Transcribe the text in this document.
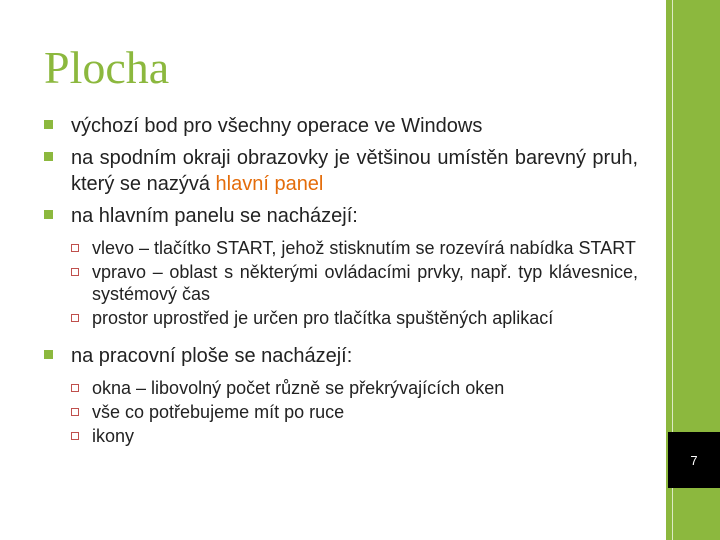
Plocha
výchozí bod pro všechny operace ve Windows
na spodním okraji obrazovky je většinou umístěn barevný pruh, který se nazývá hlavní panel
na hlavním panelu se nacházejí:
vlevo – tlačítko START, jehož stisknutím se rozevírá nabídka START
vpravo – oblast s některými ovládacími prvky, např. typ klávesnice, systémový čas
prostor uprostřed je určen pro tlačítka spuštěných aplikací
na pracovní ploše se nacházejí:
okna – libovolný počet různě se překrývajících oken
vše co potřebujeme mít po ruce
ikony
7
